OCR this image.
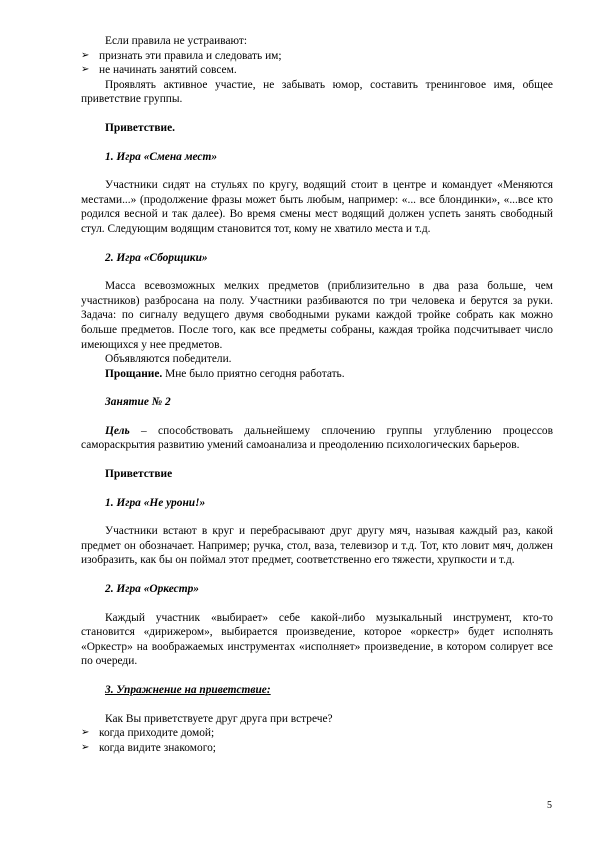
Если правила не устраивают:

➢ признать эти правила и следовать им;
➢ не начинать занятий совсем.

Проявлять активное участие, не забывать юмор, составить тренинговое имя, общее приветствие группы.

Приветствие.

1. Игра «Смена мест»

Участники сидят на стульях по кругу, водящий стоит в центре и командует «Меняются местами...» (продолжение фразы может быть любым, например: «... все блондинки», «...все кто родился весной и так далее). Во время смены мест водящий должен успеть занять свободный стул. Следующим водящим становится тот, кому не хватило места и т.д.

2. Игра «Сборщики»

Масса всевозможных мелких предметов (приблизительно в два раза больше, чем участников) разбросана на полу. Участники разбиваются по три человека и берутся за руки. Задача: по сигналу ведущего двумя свободными руками каждой тройке собрать как можно больше предметов. После того, как все предметы собраны, каждая тройка подсчитывает число имеющихся у нее предметов.

Объявляются победители.

Прощание. Мне было приятно сегодня работать.

Занятие № 2

Цель – способствовать дальнейшему сплочению группы углублению процессов самораскрытия развитию умений самоанализа и преодолению психологических барьеров.

Приветствие

1. Игра «Не урони!»

Участники встают в круг и перебрасывают друг другу мяч, называя каждый раз, какой предмет он обозначает. Например; ручка, стол, ваза, телевизор и т.д. Тот, кто ловит мяч, должен изобразить, как бы он поймал этот предмет, соответственно его тяжести, хрупкости и т.д.

2. Игра «Оркестр»

Каждый участник «выбирает» себе какой-либо музыкальный инструмент, кто-то становится «дирижером», выбирается произведение, которое «оркестр» будет исполнять «Оркестр» на воображаемых инструментах «исполняет» произведение, в котором солирует все по очереди.

3. Упражнение на приветствие:

Как Вы приветствуете друг друга при встрече?

➢ когда приходите домой;
➢ когда видите знакомого;
5
